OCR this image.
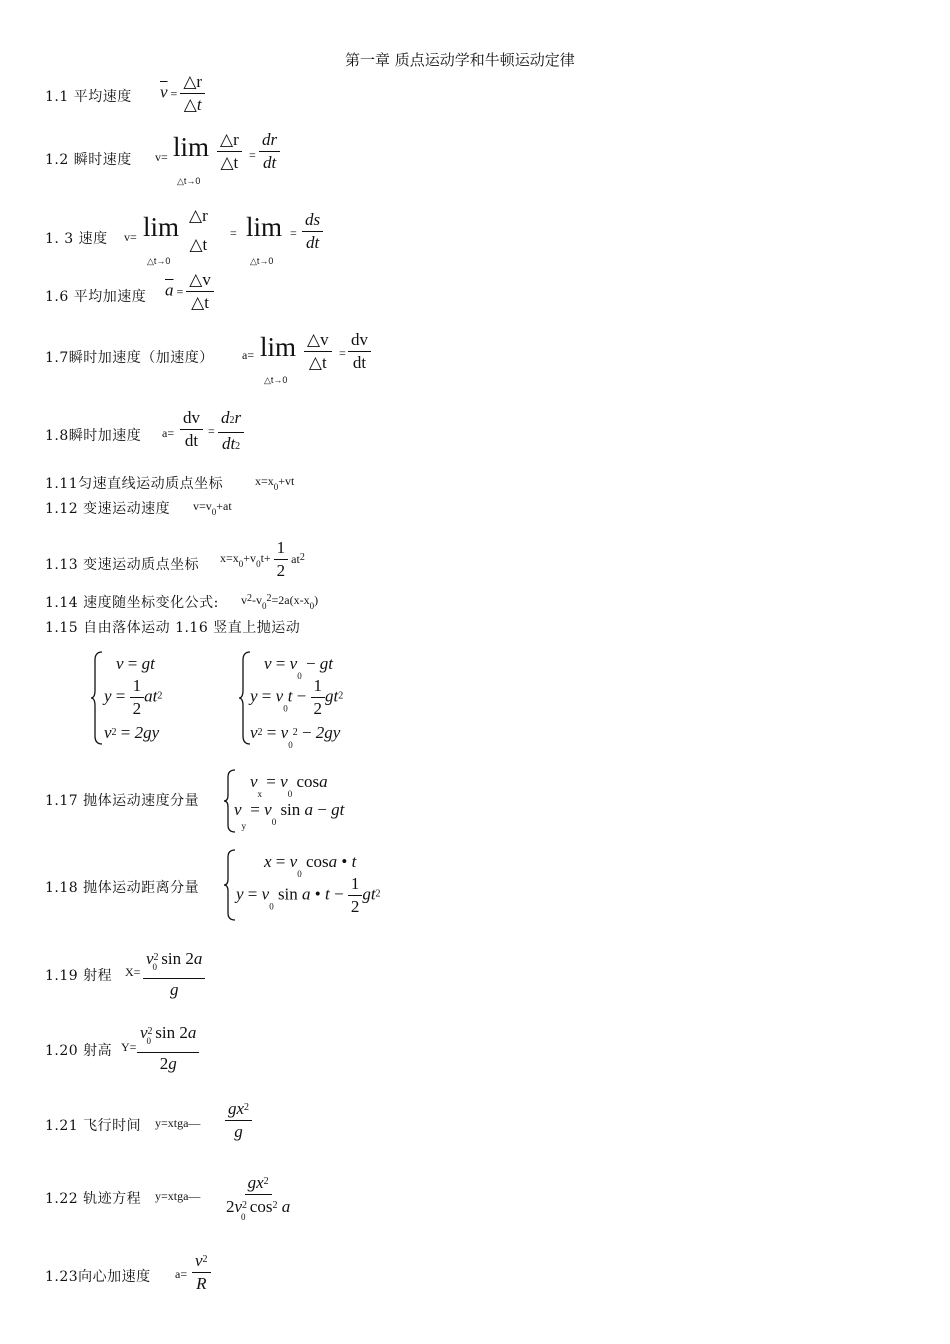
第一章 质点运动学和牛顿运动定律
1.1 平均速度 $\overline{v} = \frac{\triangle r}{\triangle t}$
1.2 瞬时速度 v= lim
△t→0
$\frac{\triangle r}{\triangle t} = \frac{dr}{dt}$
1. 3 速度 v= lim
△t→0
△r
△t
= lim
△t→0
= $\frac{ds}{dt}$
1.6 平均加速度 $\overline{a} = \frac{\triangle v}{\triangle t}$
1.7瞬时加速度（加速度） a= lim
△t→0
$\frac{\triangle v}{\triangle t} = \frac{dv}{dt}$
1.8瞬时加速度 $a= \frac{dv}{dt} = \frac{d2r}{dt2}$
1.11匀速直线运动质点坐标	$x=x_0+vt$
1.12 变速运动速度 $v=v_0+at$
1.13 变速运动质点坐标 $x=x_0+v_0t+ \frac{1}{2} at^2$
1.14 速度随坐标变化公式: $v^2-v_0^2=2a(x-x_0)$
1.15 自由落体运动 1.16 竖直上抛运动
v = gt
$y = \frac{1}{2} at^2$
$v^2 = 2gy$
$v = v_0$ − gt
$y = v_0t - \frac{1}{2} gt^2$
$v^2 = v_0^2 - 2gy$
1.17 抛体运动速度分量
$v_x = v_0$ cosa
$v_y = v_0$ sin a − gt
1.18 抛体运动距离分量
$x = v_0$ cosa • t
$y = v_0$ sin a • $t - \frac{1}{2} gt^2$
1.19 射程 $X= \frac{v^2_0 \sin 2a}{g}$
1.20 射高 $Y= \frac{v^2_0 \sin 2a}{2g}$
1.21 飞行时间 y=xtga— $\frac{gx^2}{g}$
1.22 轨迹方程 y=xtga— $\frac{gx^2}{2v^2_0 \cos^2 a}$
1.23向心加速度 $a= \frac{v^2}{R}$
